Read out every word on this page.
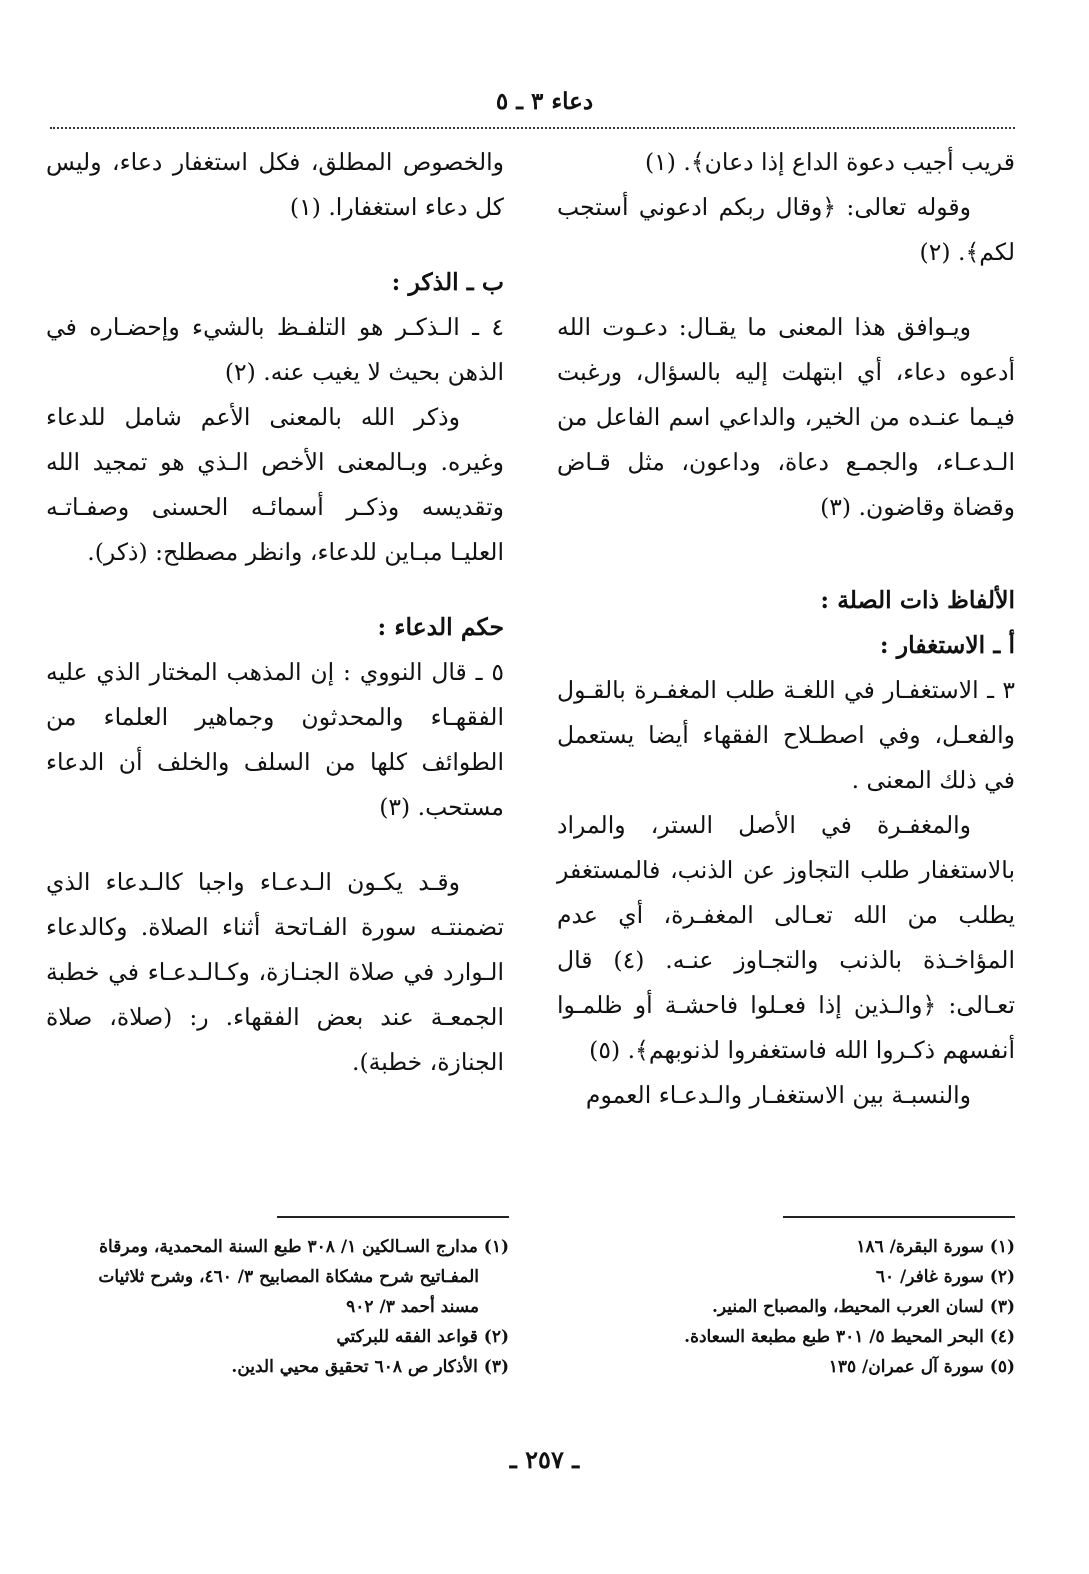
دعاء ٣ ـ ٥

قريب أجيب دعوة الداع إذا دعان﴾. (١)

وقوله تعالى: ﴿وقال ربكم ادعوني أستجب لكم﴾. (٢)

ويـوافق هذا المعنى ما يقـال: دعـوت الله أدعوه دعاء، أي ابتهلت إليه بالسؤال، ورغبت فيـما عنـده من الخير، والداعي اسم الفاعل من الـدعـاء، والجمـع دعاة، وداعون، مثل قـاض وقضاة وقاضون. (٣)

الألفاظ ذات الصلة :

أ ـ الاستغفار :

٣ ـ الاستغفـار في اللغـة طلب المغفـرة بالقـول والفعـل، وفي اصطـلاح الفقهاء أيضا يستعمل في ذلك المعنى .

والمغفـرة في الأصل الستر، والمراد بالاستغفار طلب التجاوز عن الذنب، فالمستغفر يطلب من الله تعـالى المغفـرة، أي عدم المؤاخـذة بالذنب والتجـاوز عنـه. (٤) قال تعـالى: ﴿والـذين إذا فعـلوا فاحشـة أو ظلمـوا أنفسهم ذكـروا الله فاستغفروا لذنوبهم﴾. (٥)

والنسبـة بين الاستغفـار والـدعـاء العموم

والخصوص المطلق، فكل استغفار دعاء، وليس كل دعاء استغفارا. (١)

ب ـ الذكر :

٤ ـ الـذكـر هو التلفـظ بالشيء وإحضـاره في الذهن بحيث لا يغيب عنه. (٢)

وذكر الله بالمعنى الأعم شامل للدعاء وغيره. وبـالمعنى الأخص الـذي هو تمجيد الله وتقديسه وذكـر أسمائـه الحسنى وصفـاتـه العليـا مبـاين للدعاء، وانظر مصطلح: (ذكر).

حكم الدعاء :

٥ ـ قال النووي : إن المذهب المختار الذي عليه الفقهـاء والمحدثون وجماهير العلماء من الطوائف كلها من السلف والخلف أن الدعاء مستحب. (٣)

وقـد يكـون الـدعـاء واجبا كالـدعاء الذي تضمنتـه سورة الفـاتحة أثناء الصلاة. وكالدعاء الـوارد في صلاة الجنـازة، وكـالـدعـاء في خطبة الجمعـة عند بعض الفقهاء. ر: (صلاة، صلاة الجنازة، خطبة).

(١) سورة البقرة/ ١٨٦

(٢) سورة غافر/ ٦٠

(٣) لسان العرب المحيط، والمصباح المنير.

(٤) البحر المحيط ٥/ ٣٠١ طبع مطبعة السعادة.

(٥) سورة آل عمران/ ١٣٥

(١) مدارج السـالكين ١/ ٣٠٨ طبع السنة المحمدية، ومرقاة

المفـاتيح شرح مشكاة المصابيح ٣/ ٤٦٠، وشرح ثلاثيات

مسند أحمد ٣/ ٩٠٢

(٢) قواعد الفقه للبركتي

(٣) الأذكار ص ٦٠٨ تحقيق محيي الدين.

ـ ٢٥٧ ـ
